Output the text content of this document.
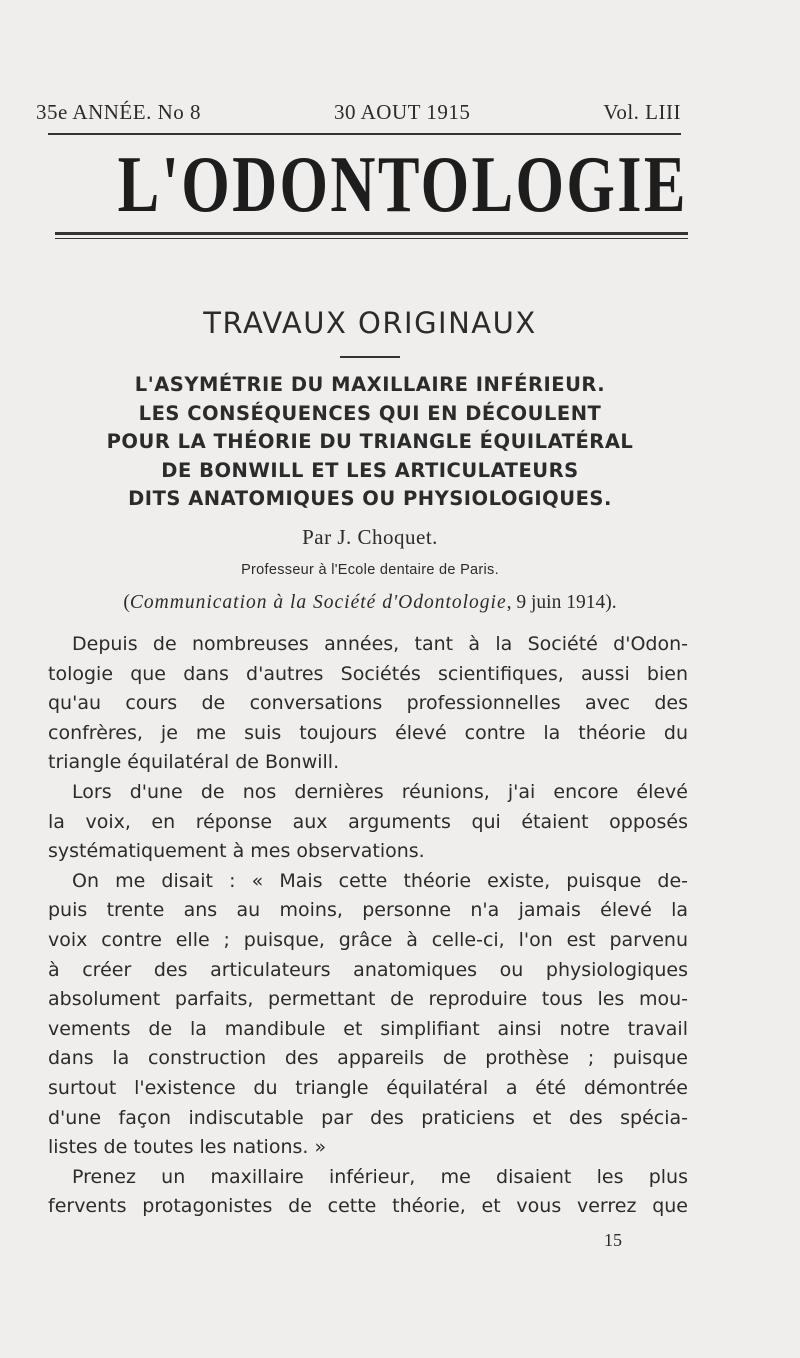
35e ANNÉE. No 8	30 AOUT 1915	Vol. LIII
L'ODONTOLOGIE
TRAVAUX ORIGINAUX
L'ASYMÉTRIE DU MAXILLAIRE INFÉRIEUR.
LES CONSÉQUENCES QUI EN DÉCOULENT
POUR LA THÉORIE DU TRIANGLE ÉQUILATÉRAL
DE BONWILL ET LES ARTICULATEURS
DITS ANATOMIQUES OU PHYSIOLOGIQUES.
Par J. Choquet.
Professeur à l'Ecole dentaire de Paris.
(Communication à la Société d'Odontologie, 9 juin 1914).

Depuis de nombreuses années, tant à la Société d'Odon-
tologie que dans d'autres Sociétés scientifiques, aussi bien
qu'au cours de conversations professionnelles avec des
confrères, je me suis toujours élevé contre la théorie du
triangle équilatéral de Bonwill.

Lors d'une de nos dernières réunions, j'ai encore élevé
la voix, en réponse aux arguments qui étaient opposés
systématiquement à mes observations.

On me disait : « Mais cette théorie existe, puisque de-
puis trente ans au moins, personne n'a jamais élevé la
voix contre elle ; puisque, grâce à celle-ci, l'on est parvenu
à créer des articulateurs anatomiques ou physiologiques
absolument parfaits, permettant de reproduire tous les mou-
vements de la mandibule et simplifiant ainsi notre travail
dans la construction des appareils de prothèse ; puisque
surtout l'existence du triangle équilatéral a été démontrée
d'une façon indiscutable par des praticiens et des spécia-
listes de toutes les nations. »

Prenez un maxillaire inférieur, me disaient les plus
fervents protagonistes de cette théorie, et vous verrez que

15
